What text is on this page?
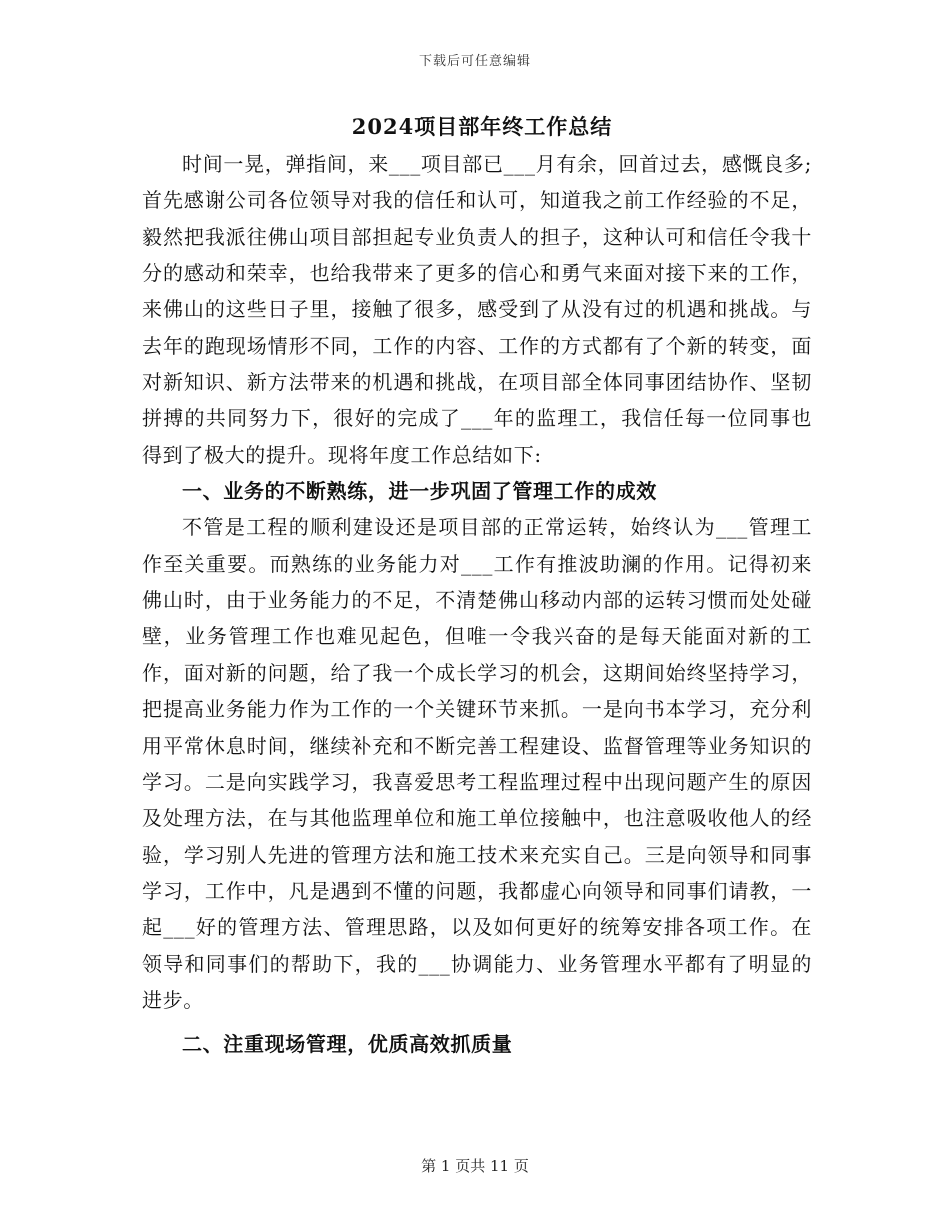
下载后可任意编辑
2024项目部年终工作总结

时间一晃，弹指间，来___项目部已___月有余，回首过去，感慨良多;首先感谢公司各位领导对我的信任和认可，知道我之前工作经验的不足，毅然把我派往佛山项目部担起专业负责人的担子，这种认可和信任令我十分的感动和荣幸，也给我带来了更多的信心和勇气来面对接下来的工作，来佛山的这些日子里，接触了很多，感受到了从没有过的机遇和挑战。与去年的跑现场情形不同，工作的内容、工作的方式都有了个新的转变，面对新知识、新方法带来的机遇和挑战，在项目部全体同事团结协作、坚韧拼搏的共同努力下，很好的完成了___年的监理工，我信任每一位同事也得到了极大的提升。现将年度工作总结如下:

一、业务的不断熟练，进一步巩固了管理工作的成效

不管是工程的顺利建设还是项目部的正常运转，始终认为___管理工作至关重要。而熟练的业务能力对___工作有推波助澜的作用。记得初来佛山时，由于业务能力的不足，不清楚佛山移动内部的运转习惯而处处碰壁，业务管理工作也难见起色，但唯一令我兴奋的是每天能面对新的工作，面对新的问题，给了我一个成长学习的机会，这期间始终坚持学习，把提高业务能力作为工作的一个关键环节来抓。一是向书本学习，充分利用平常休息时间，继续补充和不断完善工程建设、监督管理等业务知识的学习。二是向实践学习，我喜爱思考工程监理过程中出现问题产生的原因及处理方法，在与其他监理单位和施工单位接触中，也注意吸收他人的经验，学习别人先进的管理方法和施工技术来充实自己。三是向领导和同事学习，工作中，凡是遇到不懂的问题，我都虚心向领导和同事们请教，一起___好的管理方法、管理思路，以及如何更好的统筹安排各项工作。在领导和同事们的帮助下，我的___协调能力、业务管理水平都有了明显的进步。

二、注重现场管理，优质高效抓质量

第 1 页共 11 页
